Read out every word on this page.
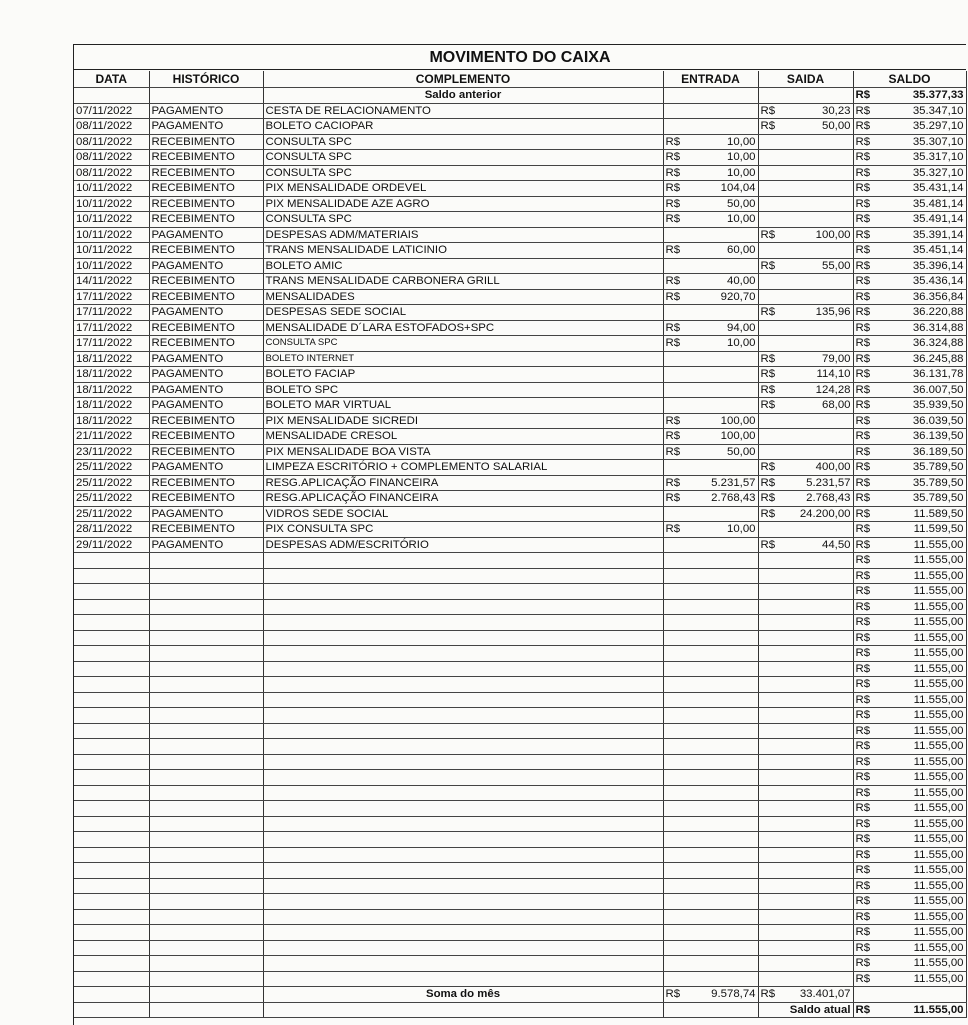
MOVIMENTO DO CAIXA
DATA	HISTÓRICO	COMPLEMENTO	ENTRADA	SAIDA	SALDO
		Saldo anterior			R$ 35.377,33

07/11/2022	PAGAMENTO	CESTA DE RELACIONAMENTO		R$ 30,23	R$ 35.347,10

08/11/2022	PAGAMENTO	BOLETO CACIOPAR		R$ 50,00	R$ 35.297,10

08/11/2022	RECEBIMENTO	CONSULTA SPC	R$ 10,00		R$ 35.307,10

08/11/2022	RECEBIMENTO	CONSULTA SPC	R$ 10,00		R$ 35.317,10

08/11/2022	RECEBIMENTO	CONSULTA SPC	R$ 10,00		R$ 35.327,10

10/11/2022	RECEBIMENTO	PIX MENSALIDADE ORDEVEL	R$ 104,04		R$ 35.431,14

10/11/2022	RECEBIMENTO	PIX MENSALIDADE AZE AGRO	R$ 50,00		R$ 35.481,14

10/11/2022	RECEBIMENTO	CONSULTA SPC	R$ 10,00		R$ 35.491,14

10/11/2022	PAGAMENTO	DESPESAS ADM/MATERIAIS		R$ 100,00	R$ 35.391,14

10/11/2022	RECEBIMENTO	TRANS MENSALIDADE LATICINIO	R$ 60,00		R$ 35.451,14

10/11/2022	PAGAMENTO	BOLETO AMIC		R$ 55,00	R$ 35.396,14

14/11/2022	RECEBIMENTO	TRANS MENSALIDADE CARBONERA GRILL	R$ 40,00		R$ 35.436,14

17/11/2022	RECEBIMENTO	MENSALIDADES	R$ 920,70		R$ 36.356,84

17/11/2022	PAGAMENTO	DESPESAS SEDE SOCIAL		R$ 135,96	R$ 36.220,88

17/11/2022	RECEBIMENTO	MENSALIDADE D´LARA ESTOFADOS+SPC	R$ 94,00		R$ 36.314,88

17/11/2022	RECEBIMENTO	CONSULTA SPC	R$ 10,00		R$ 36.324,88

18/11/2022	PAGAMENTO	BOLETO INTERNET		R$ 79,00	R$ 36.245,88

18/11/2022	PAGAMENTO	BOLETO FACIAP		R$ 114,10	R$ 36.131,78

18/11/2022	PAGAMENTO	BOLETO SPC		R$ 124,28	R$ 36.007,50

18/11/2022	PAGAMENTO	BOLETO MAR VIRTUAL		R$ 68,00	R$ 35.939,50

18/11/2022	RECEBIMENTO	PIX MENSALIDADE SICREDI	R$ 100,00		R$ 36.039,50

21/11/2022	RECEBIMENTO	MENSALIDADE CRESOL	R$ 100,00		R$ 36.139,50

23/11/2022	RECEBIMENTO	PIX MENSALIDADE BOA VISTA	R$ 50,00		R$ 36.189,50

25/11/2022	PAGAMENTO	LIMPEZA ESCRITÓRIO + COMPLEMENTO SALARIAL		R$ 400,00	R$ 35.789,50

25/11/2022	RECEBIMENTO	RESG.APLICAÇÃO FINANCEIRA	R$ 5.231,57	R$ 5.231,57	R$ 35.789,50

25/11/2022	RECEBIMENTO	RESG.APLICAÇÃO FINANCEIRA	R$ 2.768,43	R$ 2.768,43	R$ 35.789,50

25/11/2022	PAGAMENTO	VIDROS SEDE SOCIAL		R$ 24.200,00	R$ 11.589,50

28/11/2022	RECEBIMENTO	PIX CONSULTA SPC	R$ 10,00		R$ 11.599,50

29/11/2022	PAGAMENTO	DESPESAS ADM/ESCRITÓRIO		R$ 44,50	R$ 11.555,00

					R$ 11.555,00

					R$ 11.555,00

					R$ 11.555,00

					R$ 11.555,00

					R$ 11.555,00

					R$ 11.555,00

					R$ 11.555,00

					R$ 11.555,00

					R$ 11.555,00

					R$ 11.555,00

					R$ 11.555,00

					R$ 11.555,00

					R$ 11.555,00

					R$ 11.555,00

					R$ 11.555,00

					R$ 11.555,00

					R$ 11.555,00

					R$ 11.555,00

					R$ 11.555,00

					R$ 11.555,00

					R$ 11.555,00

					R$ 11.555,00

					R$ 11.555,00

					R$ 11.555,00

					R$ 11.555,00

					R$ 11.555,00

					R$ 11.555,00

					R$ 11.555,00

		Soma do mês	R$ 9.578,74	R$ 33.401,07	

				Saldo atual	R$ 11.555,00
